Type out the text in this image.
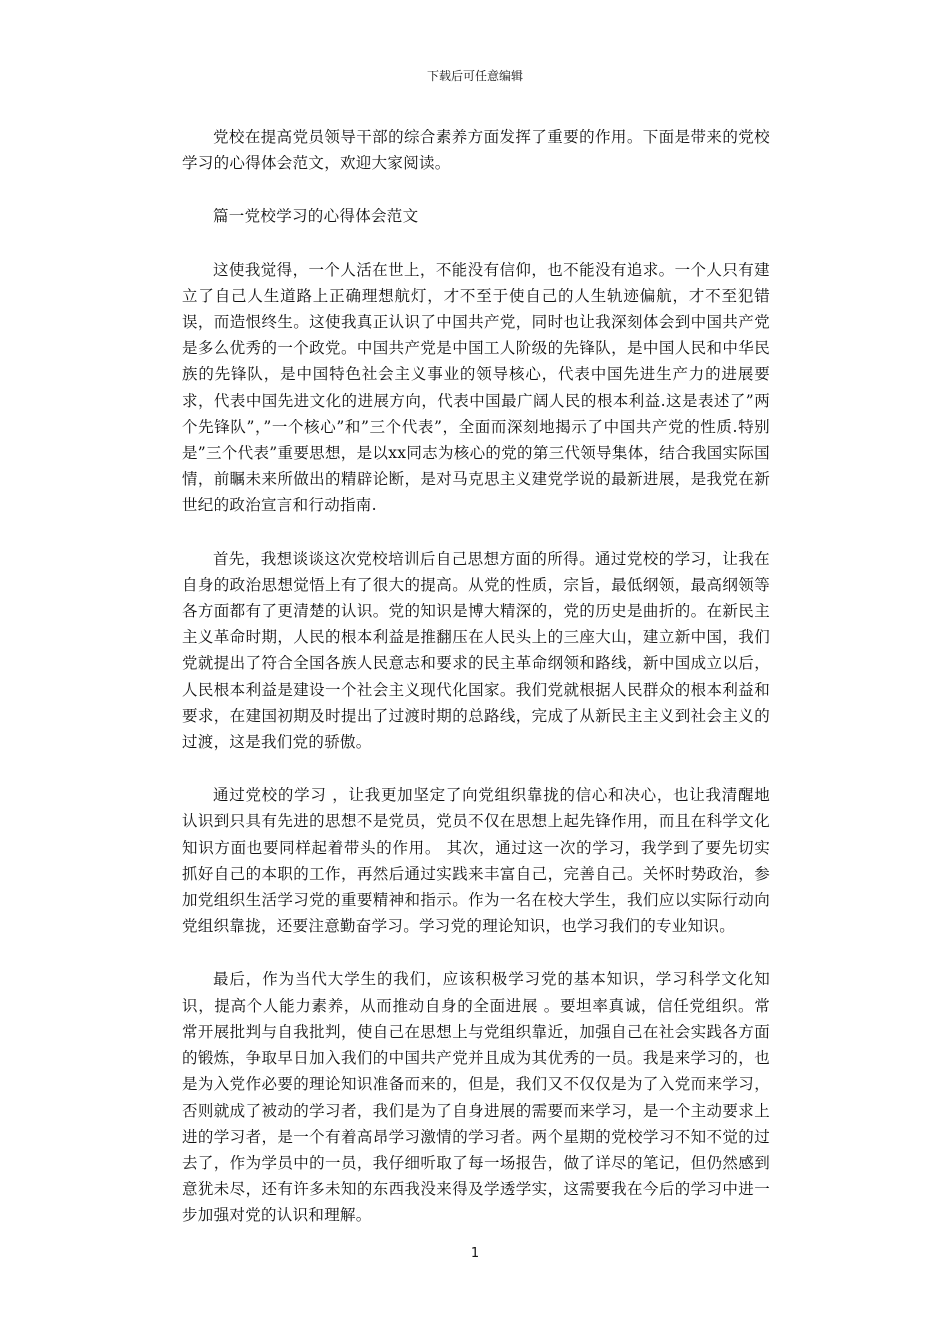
下载后可任意编辑

党校在提高党员领导干部的综合素养方面发挥了重要的作用。下面是带来的党校学习的心得体会范文，欢迎大家阅读。

篇一党校学习的心得体会范文

这使我觉得，一个人活在世上，不能没有信仰，也不能没有追求。一个人只有建立了自己人生道路上正确理想航灯，才不至于使自己的人生轨迹偏航，才不至犯错误，而造恨终生。这使我真正认识了中国共产党，同时也让我深刻体会到中国共产党是多么优秀的一个政党。中国共产党是中国工人阶级的先锋队，是中国人民和中华民族的先锋队，是中国特色社会主义事业的领导核心，代表中国先进生产力的进展要求，代表中国先进文化的进展方向，代表中国最广阔人民的根本利益.这是表述了”两个先锋队”，”一个核心”和”三个代表”，全面而深刻地揭示了中国共产党的性质.特别是”三个代表”重要思想，是以xx同志为核心的党的第三代领导集体，结合我国实际国情，前瞩未来所做出的精辟论断，是对马克思主义建党学说的最新进展，是我党在新世纪的政治宣言和行动指南.

首先，我想谈谈这次党校培训后自己思想方面的所得。通过党校的学习，让我在自身的政治思想觉悟上有了很大的提高。从党的性质，宗旨，最低纲领，最高纲领等各方面都有了更清楚的认识。党的知识是博大精深的，党的历史是曲折的。在新民主主义革命时期，人民的根本利益是推翻压在人民头上的三座大山，建立新中国，我们党就提出了符合全国各族人民意志和要求的民主革命纲领和路线，新中国成立以后，人民根本利益是建设一个社会主义现代化国家。我们党就根据人民群众的根本利益和要求，在建国初期及时提出了过渡时期的总路线，完成了从新民主主义到社会主义的过渡，这是我们党的骄傲。

通过党校的学习 ，让我更加坚定了向党组织靠拢的信心和决心，也让我清醒地认识到只具有先进的思想不是党员，党员不仅在思想上起先锋作用，而且在科学文化知识方面也要同样起着带头的作用。 其次，通过这一次的学习，我学到了要先切实抓好自己的本职的工作，再然后通过实践来丰富自己，完善自己。关怀时势政治，参加党组织生活学习党的重要精神和指示。作为一名在校大学生，我们应以实际行动向党组织靠拢，还要注意勤奋学习。学习党的理论知识，也学习我们的专业知识。

最后，作为当代大学生的我们，应该积极学习党的基本知识，学习科学文化知识，提高个人能力素养，从而推动自身的全面进展 。要坦率真诚，信任党组织。常常开展批判与自我批判，使自己在思想上与党组织靠近，加强自己在社会实践各方面的锻炼，争取早日加入我们的中国共产党并且成为其优秀的一员。我是来学习的，也是为入党作必要的理论知识准备而来的，但是，我们又不仅仅是为了入党而来学习，否则就成了被动的学习者，我们是为了自身进展的需要而来学习，是一个主动要求上进的学习者，是一个有着高昂学习激情的学习者。两个星期的党校学习不知不觉的过去了，作为学员中的一员，我仔细听取了每一场报告，做了详尽的笔记，但仍然感到意犹未尽，还有许多未知的东西我没来得及学透学实，这需要我在今后的学习中进一步加强对党的认识和理解。

1
